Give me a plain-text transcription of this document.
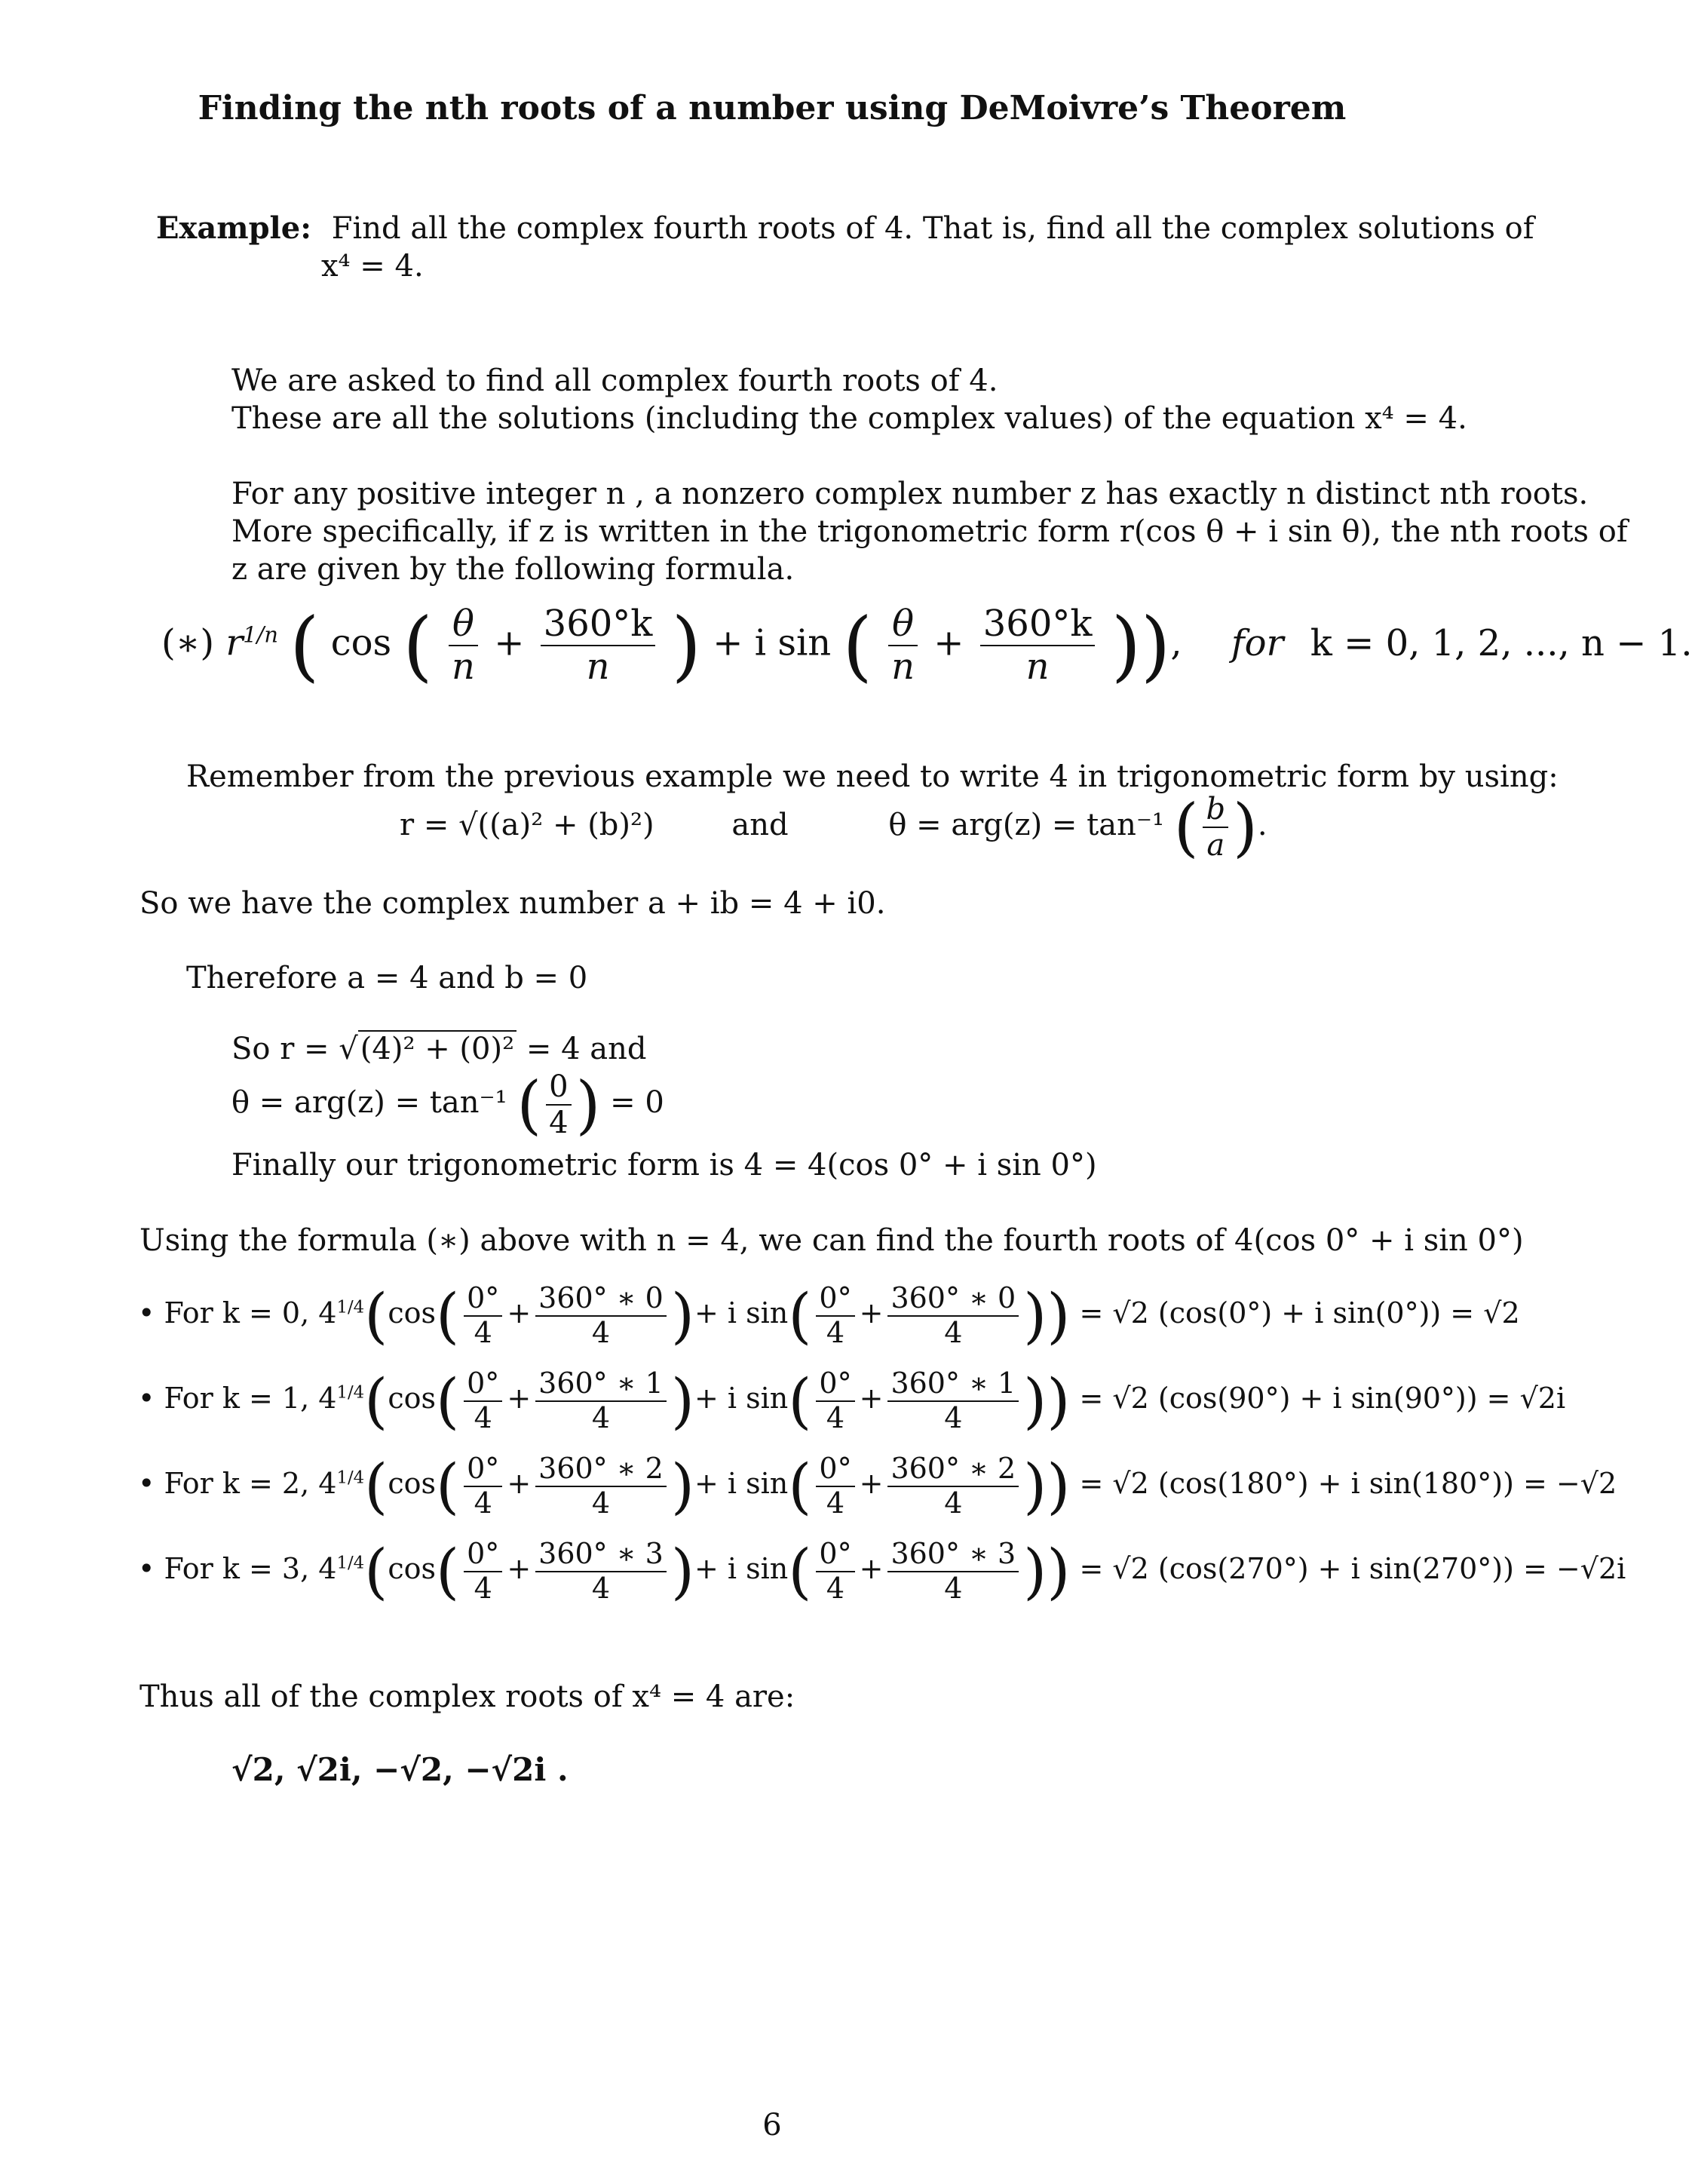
Finding the nth roots of a number using DeMoivre’s Theorem
Example: Find all the complex fourth roots of 4. That is, find all the complex solutions of
x⁴ = 4.
We are asked to find all complex fourth roots of 4.
These are all the solutions (including the complex values) of the equation x⁴ = 4.
For any positive integer n , a nonzero complex number z has exactly n distinct nth roots.
More specifically, if z is written in the trigonometric form r(cos θ + i sin θ), the nth roots of
z are given by the following formula.
(∗) $r^{1/n}$ ( cos ( $\frac{\theta}{n} + \frac{360^\circ k}{n}$ ) + i sin ( $\frac{\theta}{n} + \frac{360^\circ k}{n}$ )), for k = 0, 1, 2, ..., n − 1.
Remember from the previous example we need to write 4 in trigonometric form by using:
r = √((a)² + (b)²)	and	θ = arg(z) = tan⁻¹ ( $\frac{b}{a}$ ).
So we have the complex number a + ib = 4 + i0.
Therefore a = 4 and b = 0
So r = √(4)² + (0)² = 4 and
θ = arg(z) = tan⁻¹ ( $\frac{0}{4}$ ) = 0
Finally our trigonometric form is 4 = 4(cos 0° + i sin 0°)
Using the formula (∗) above with n = 4, we can find the fourth roots of 4(cos 0° + i sin 0°)
• For k = 0, $4^{1/4}(\cos( \frac{0^\circ}{4} + \frac{360^\circ ∗ 0}{4}$ )+ i $\sin( \frac{0^\circ}{4} + \frac{360^\circ ∗ 0}{4}$ )) = √2 (cos(0°) + i sin(0°)) = √2
• For k = 1, $4^{1/4}(\cos( \frac{0^\circ}{4} + \frac{360^\circ ∗ 1}{4}$ )+ i $\sin( \frac{0^\circ}{4} + \frac{360^\circ ∗ 1}{4}$ )) = √2 (cos(90°) + i sin(90°)) = √2i
• For k = 2, $4^{1/4}(\cos( \frac{0^\circ}{4} + \frac{360^\circ ∗ 2}{4}$ )+ i $\sin( \frac{0^\circ}{4} + \frac{360^\circ ∗ 2}{4}$ )) = √2 (cos(180°) + i sin(180°)) = −√2
• For k = 3, $4^{1/4}(\cos( \frac{0^\circ}{4} + \frac{360^\circ ∗ 3}{4}$ )+ i $\sin( \frac{0^\circ}{4} + \frac{360^\circ ∗ 3}{4}$ )) = √2 (cos(270°) + i sin(270°)) = −√2i
Thus all of the complex roots of x⁴ = 4 are:
√2, √2i, −√2, −√2i .
6
